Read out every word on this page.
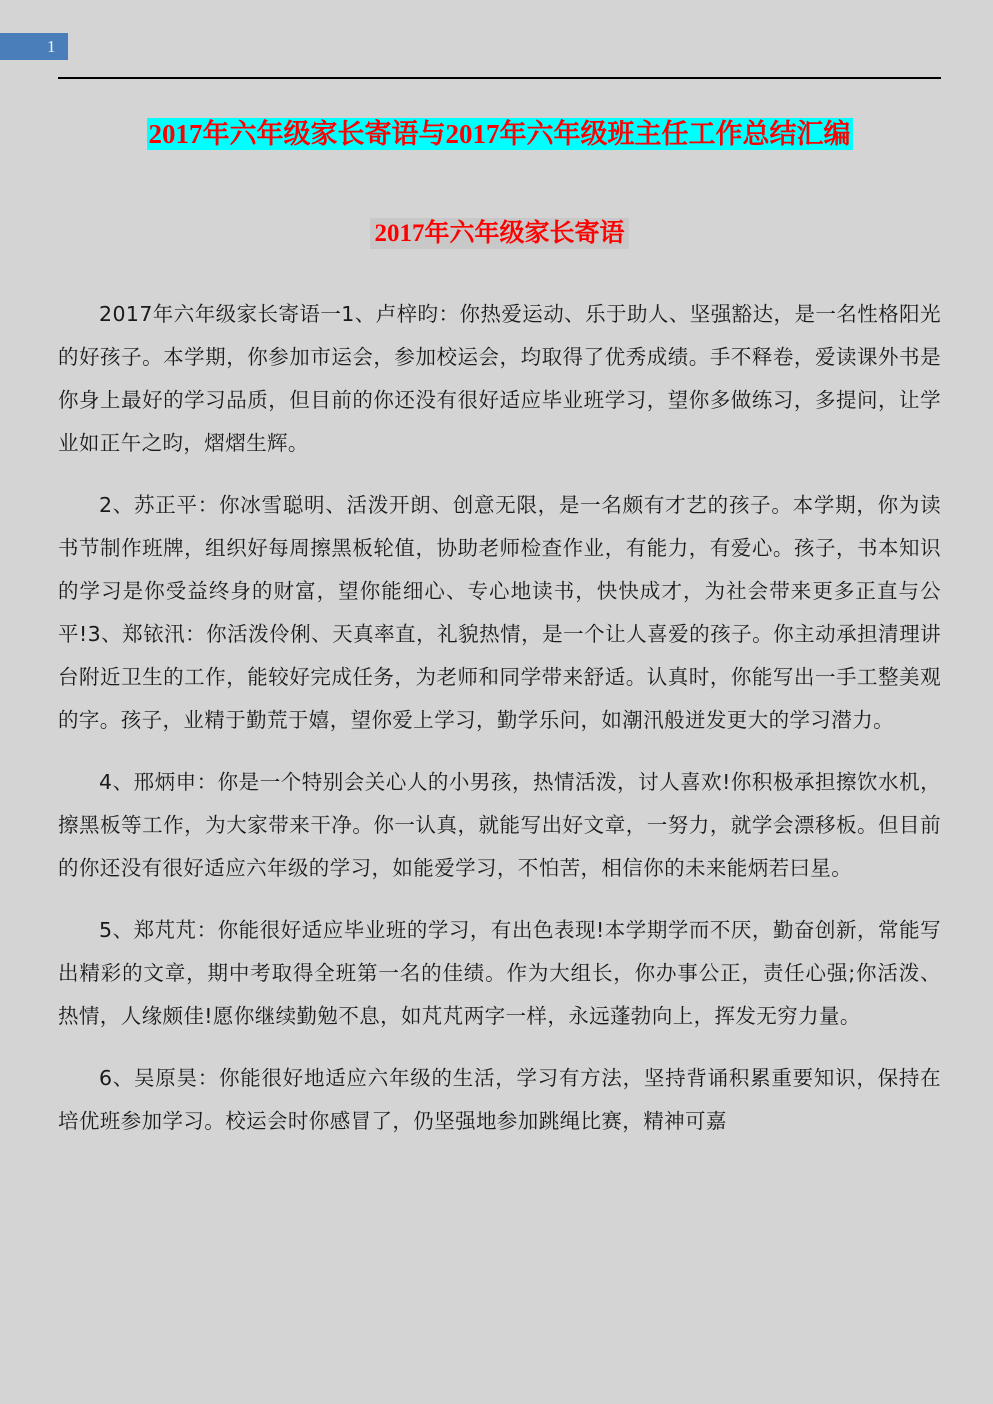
1
2017年六年级家长寄语与2017年六年级班主任工作总结汇编
2017年六年级家长寄语

2017年六年级家长寄语一1、卢梓昀：你热爱运动、乐于助人、坚强豁达，是一名性格阳光的好孩子。本学期，你参加市运会，参加校运会，均取得了优秀成绩。手不释卷，爱读课外书是你身上最好的学习品质，但目前的你还没有很好适应毕业班学习，望你多做练习，多提问，让学业如正午之昀，熠熠生辉。

2、苏正平：你冰雪聪明、活泼开朗、创意无限，是一名颇有才艺的孩子。本学期，你为读书节制作班牌，组织好每周擦黑板轮值，协助老师检查作业，有能力，有爱心。孩子，书本知识的学习是你受益终身的财富，望你能细心、专心地读书，快快成才，为社会带来更多正直与公平!3、郑铱汛：你活泼伶俐、天真率直，礼貌热情，是一个让人喜爱的孩子。你主动承担清理讲台附近卫生的工作，能较好完成任务，为老师和同学带来舒适。认真时，你能写出一手工整美观的字。孩子，业精于勤荒于嬉，望你爱上学习，勤学乐问，如潮汛般迸发更大的学习潜力。

4、邢炳申：你是一个特别会关心人的小男孩，热情活泼，讨人喜欢!你积极承担擦饮水机，擦黑板等工作，为大家带来干净。你一认真，就能写出好文章，一努力，就学会漂移板。但目前的你还没有很好适应六年级的学习，如能爱学习，不怕苦，相信你的未来能炳若曰星。

5、郑芃芃：你能很好适应毕业班的学习，有出色表现!本学期学而不厌，勤奋创新，常能写出精彩的文章，期中考取得全班第一名的佳绩。作为大组长，你办事公正，责任心强;你活泼、热情，人缘颇佳!愿你继续勤勉不息，如芃芃两字一样，永远蓬勃向上，挥发无穷力量。

6、吴原昊：你能很好地适应六年级的生活，学习有方法，坚持背诵积累重要知识，保持在培优班参加学习。校运会时你感冒了，仍坚强地参加跳绳比赛，精神可嘉
